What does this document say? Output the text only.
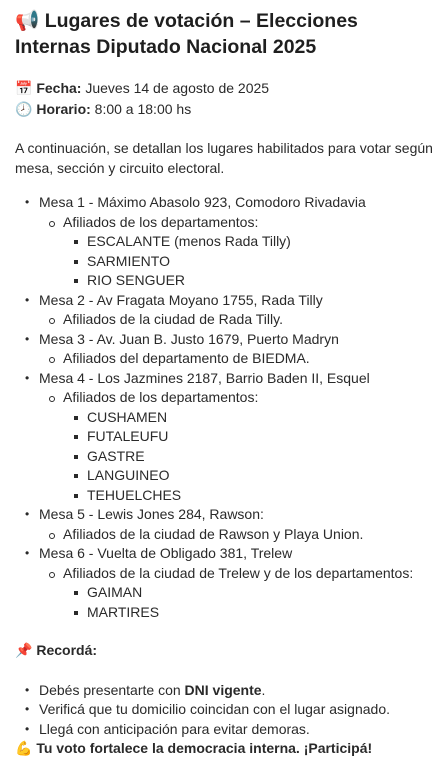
📢 Lugares de votación – Elecciones Internas Diputado Nacional 2025
📅 Fecha: Jueves 14 de agosto de 2025
🕗 Horario: 8:00 a 18:00 hs
A continuación, se detallan los lugares habilitados para votar según mesa, sección y circuito electoral.
• Mesa 1 - Máximo Abasolo 923, Comodoro Rivadavia
Afiliados de los departamentos:
ESCALANTE (menos Rada Tilly)
SARMIENTO
RIO SENGUER
• Mesa 2 - Av Fragata Moyano 1755, Rada Tilly
Afiliados de la ciudad de Rada Tilly.
• Mesa 3 - Av. Juan B. Justo 1679, Puerto Madryn
Afiliados del departamento de BIEDMA.
• Mesa 4 - Los Jazmines 2187, Barrio Baden II, Esquel
Afiliados de los departamentos:
CUSHAMEN
FUTALEUFU
GASTRE
LANGUINEO
TEHUELCHES
• Mesa 5 - Lewis Jones 284, Rawson:
Afiliados de la ciudad de Rawson y Playa Union.
• Mesa 6 - Vuelta de Obligado 381, Trelew
Afiliados de la ciudad de Trelew y de los departamentos:
GAIMAN
MARTIRES
📌 Recordá:
• Debés presentarte con DNI vigente.
• Verificá que tu domicilio coincidan con el lugar asignado.
• Llegá con anticipación para evitar demoras.
💪 Tu voto fortalece la democracia interna. ¡Participá!
